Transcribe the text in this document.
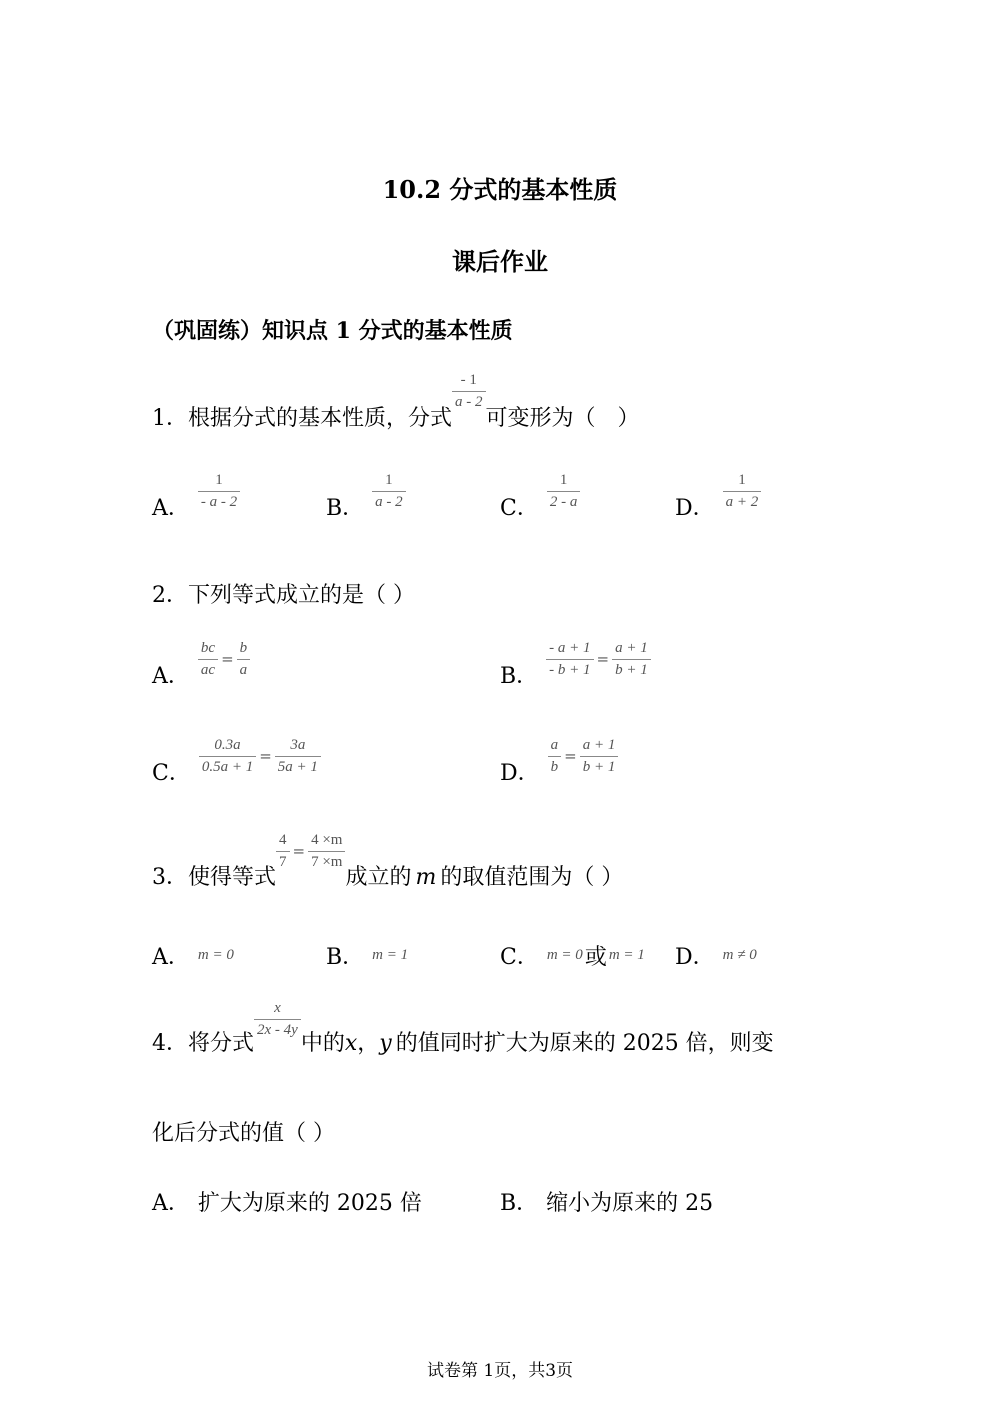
10.2 分式的基本性质
课后作业
（巩固练）知识点 1 分式的基本性质
1．根据分式的基本性质，分式
$\frac{- 1}{a - 2}$
可变形为（　）
A． $\frac{1}{- a - 2}$	B． $\frac{1}{a - 2}$	C． $\frac{1}{2 - a}$	D． $\frac{1}{a + 2}$
2．下列等式成立的是（ ）
A． $\frac{bc}{ac} = \frac{b}{a}$	B． $\frac{- a + 1}{- b + 1} = \frac{a + 1}{b + 1}$
C． $\frac{0.3a}{0.5a + 1} = \frac{3a}{5a + 1}$	D． $\frac{a}{b} = \frac{a + 1}{b + 1}$
3．使得等式
$\frac{4}{7} ^= \frac{4 \times m}{7 \times m}$
成立的 m 的取值范围为（ ）
A． m = 0	B． m = 1	C． m = 0 或 m = 1 D． m ≠ 0
4．将分式
$\frac{x}{2x - 4y}$
中的x，y 的值同时扩大为原来的 2025 倍，则变
化后分式的值（ ）
A． 扩大为原来的 2025 倍	B． 缩小为原来的 25
试卷第 1页，共3页
